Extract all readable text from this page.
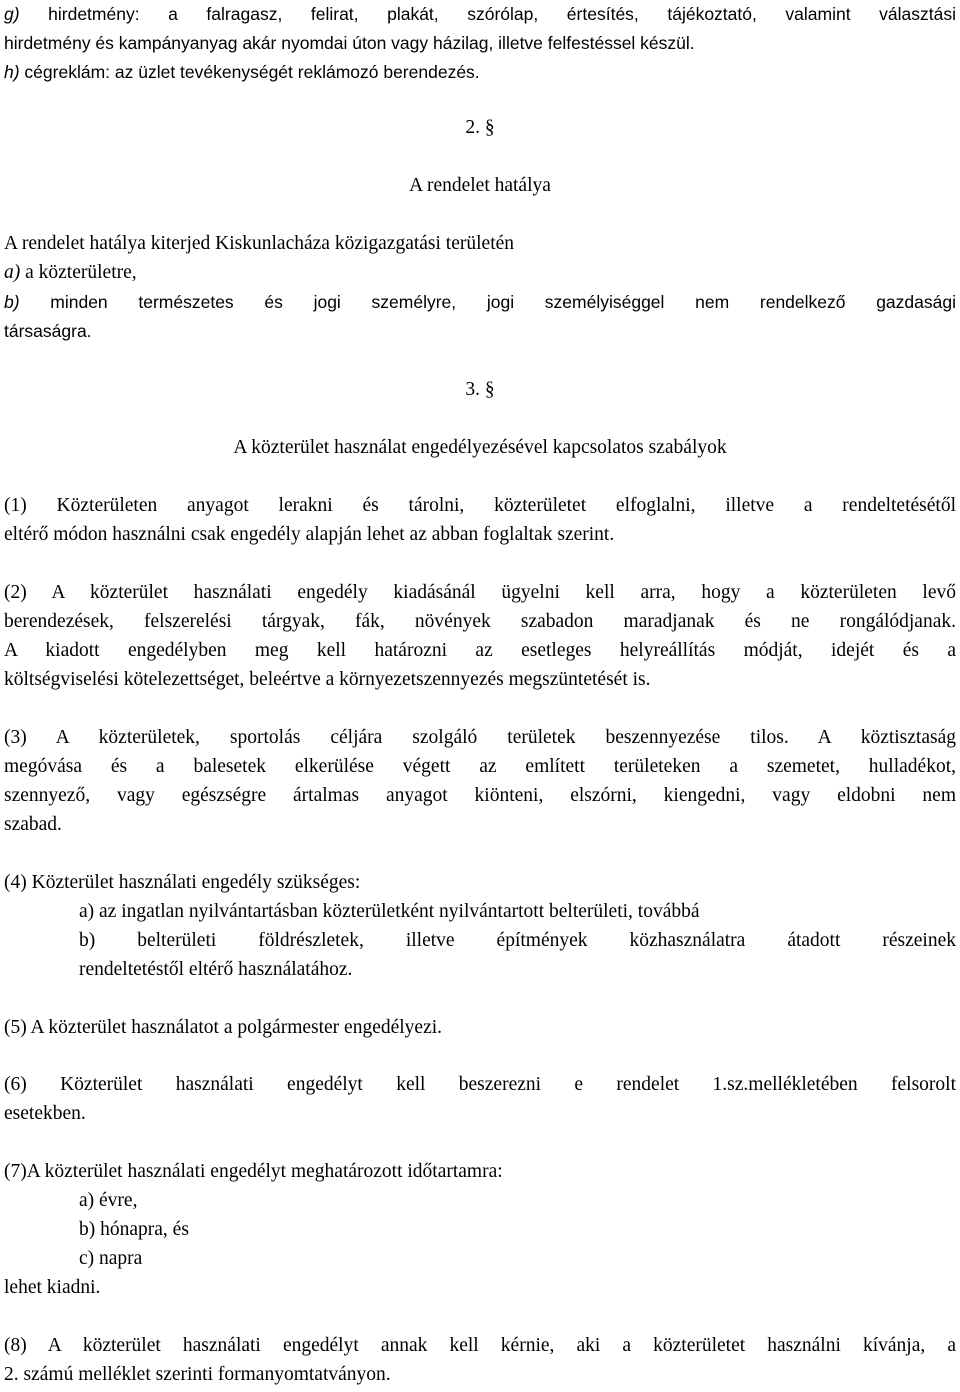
g) hirdetmény: a falragasz, felirat, plakát, szórólap, értesítés, tájékoztató, valamint választási
hirdetmény és kampányanyag akár nyomdai úton vagy házilag, illetve felfestéssel készül.
h) cégreklám: az üzlet tevékenységét reklámozó berendezés.
2. §
A rendelet hatálya
A rendelet hatálya kiterjed Kiskunlacháza közigazgatási területén
a) a közterületre,
b) minden természetes és jogi személyre, jogi személyiséggel nem rendelkező gazdasági
társaságra.
3. §
A közterület használat engedélyezésével kapcsolatos szabályok
(1) Közterületen anyagot lerakni és tárolni, közterületet elfoglalni, illetve a rendeltetésétől
eltérő módon használni csak engedély alapján lehet az abban foglaltak szerint.
(2) A közterület használati engedély kiadásánál ügyelni kell arra, hogy a közterületen levő
berendezések, felszerelési tárgyak, fák, növények szabadon maradjanak és ne rongálódjanak.
A kiadott engedélyben meg kell határozni az esetleges helyreállítás módját, idejét és a
költségviselési kötelezettséget, beleértve a környezetszennyezés megszüntetését is.
(3) A közterületek, sportolás céljára szolgáló területek beszennyezése tilos. A köztisztaság
megóvása és a balesetek elkerülése végett az említett területeken a szemetet, hulladékot,
szennyező, vagy egészségre ártalmas anyagot kiönteni, elszórni, kiengedni, vagy eldobni nem
szabad.
(4) Közterület használati engedély szükséges:
a) az ingatlan nyilvántartásban közterületként nyilvántartott belterületi, továbbá
b) belterületi földrészletek, illetve építmények közhasználatra átadott részeinek
rendeltetéstől eltérő használatához.
(5) A közterület használatot a polgármester engedélyezi.
(6) Közterület használati engedélyt kell beszerezni e rendelet 1.sz.mellékletében felsorolt
esetekben.
(7)A közterület használati engedélyt meghatározott időtartamra:
a) évre,
b) hónapra, és
c) napra
lehet kiadni.
(8) A közterület használati engedélyt annak kell kérnie, aki a közterületet használni kívánja, a
2. számú melléklet szerinti formanyomtatványon.
